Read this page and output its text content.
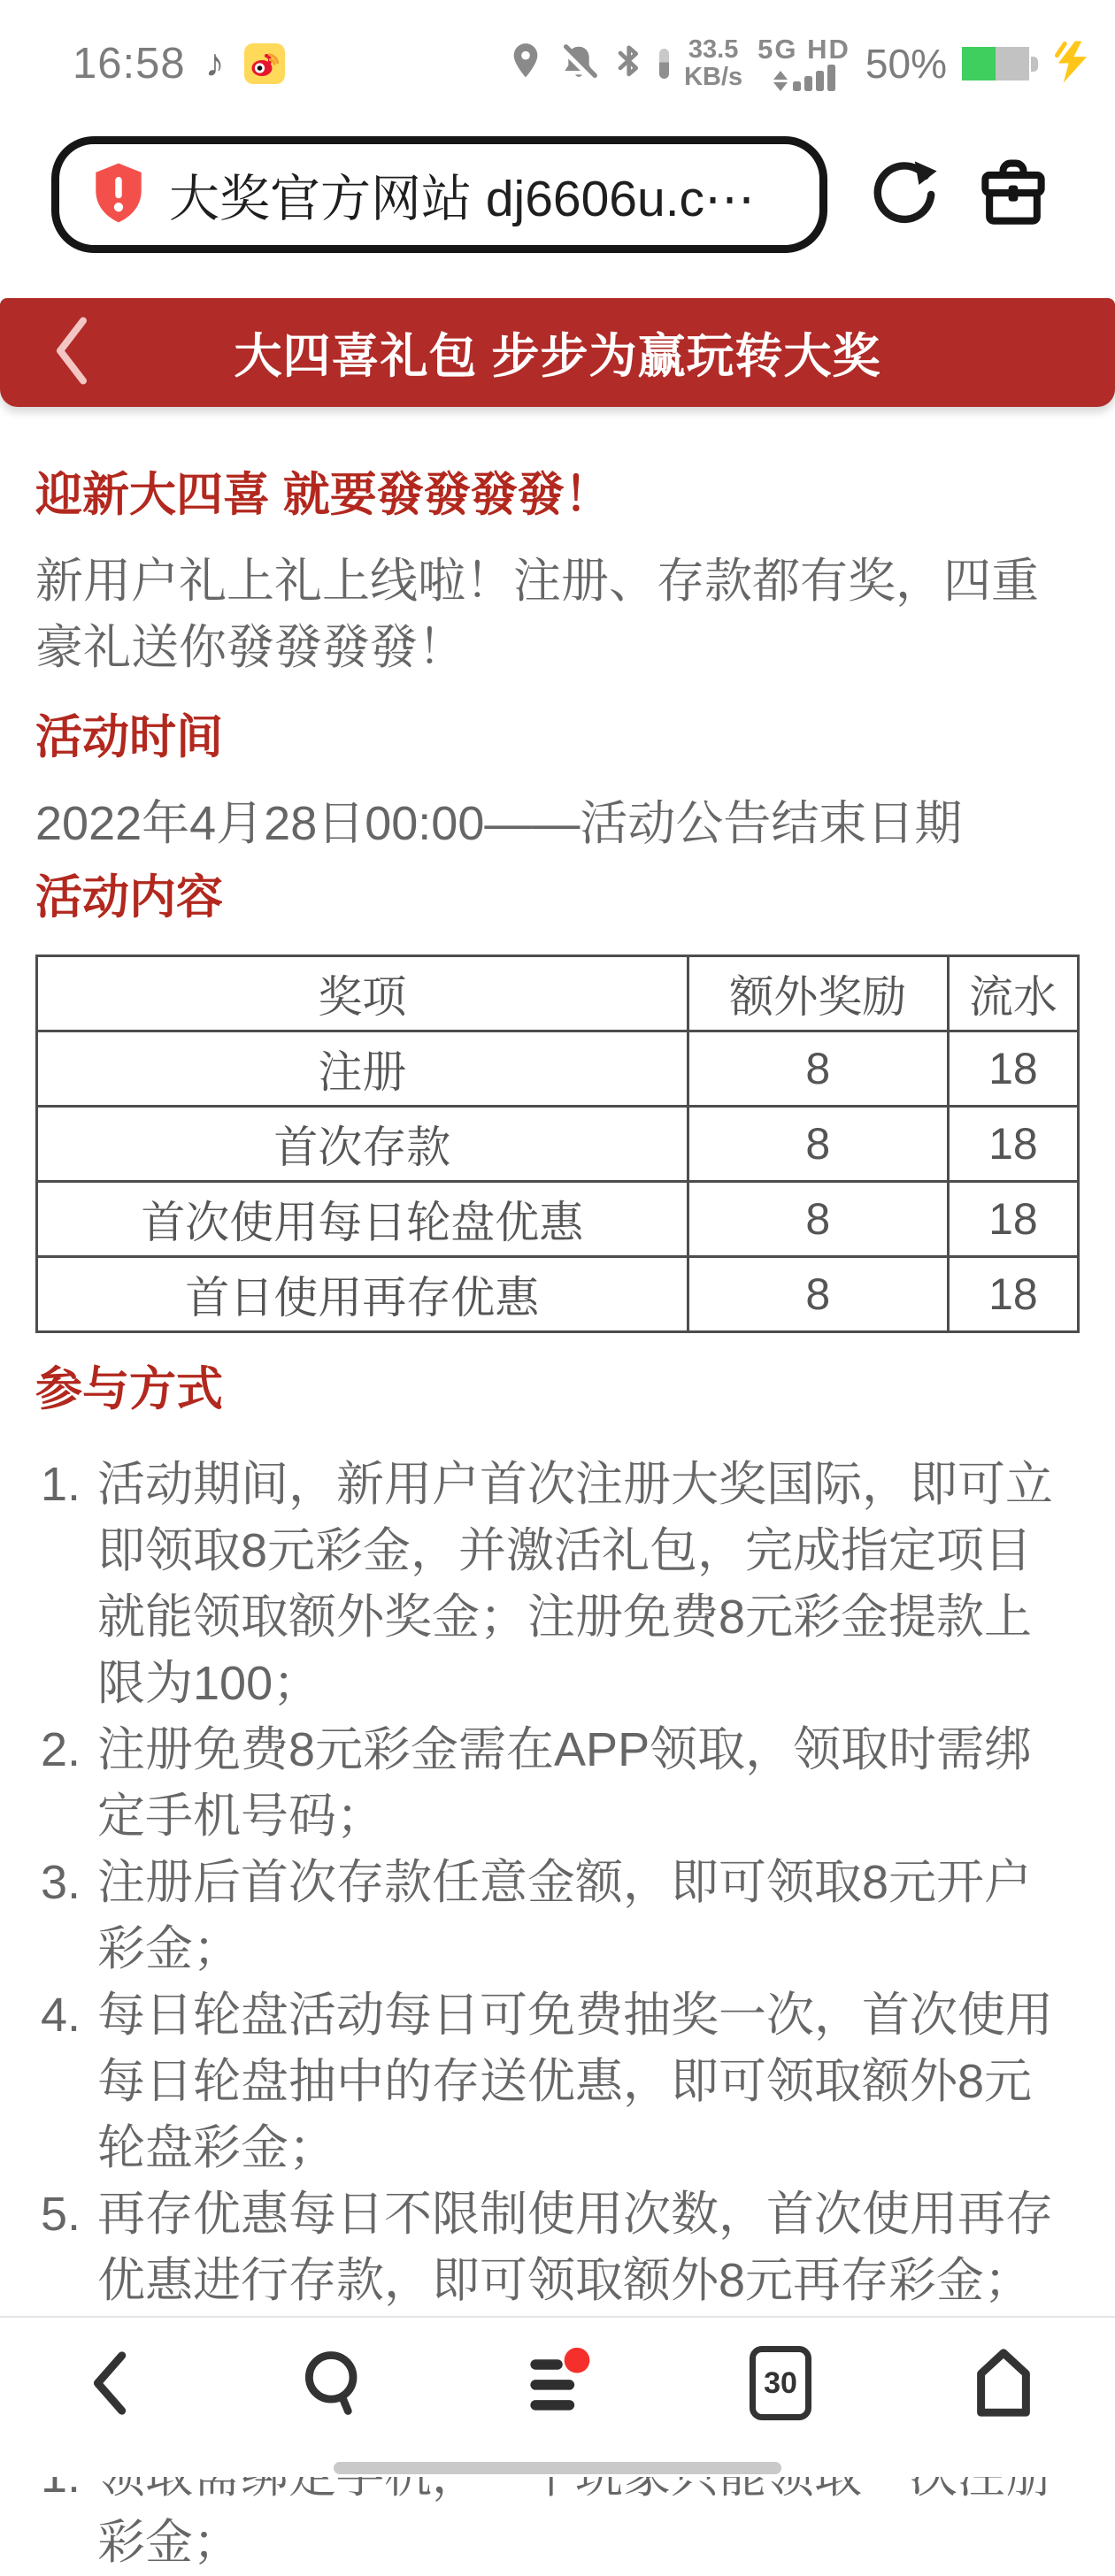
16:58 ♪	33.5
KB/s
5G HD 50%
大奖官方网站 dj6606u.c⋯
大四喜礼包 步步为赢玩转大奖
迎新大四喜 就要發發發發！

新用户礼上礼上线啦！注册、存款都有奖，四重豪礼送你發發發發！

活动时间

2022年4月28日00:00——活动公告结束日期

活动内容
奖项	额外奖励	流水
注册	8	18
首次存款	8	18
首次使用每日轮盘优惠	8	18
首日使用再存优惠	8	18
参与方式
1. 活动期间，新用户首次注册大奖国际，即可立即领取8元彩金，并激活礼包，完成指定项目就能领取额外奖金；注册免费8元彩金提款上限为100；
2. 注册免费8元彩金需在APP领取，领取时需绑定手机号码；
3. 注册后首次存款任意金额，即可领取8元开户彩金；
4. 每日轮盘活动每日可免费抽奖一次，首次使用每日轮盘抽中的存送优惠，即可领取额外8元轮盘彩金；
5. 再存优惠每日不限制使用次数，首次使用再存优惠进行存款，即可领取额外8元再存彩金；
1. 彩金；
30
